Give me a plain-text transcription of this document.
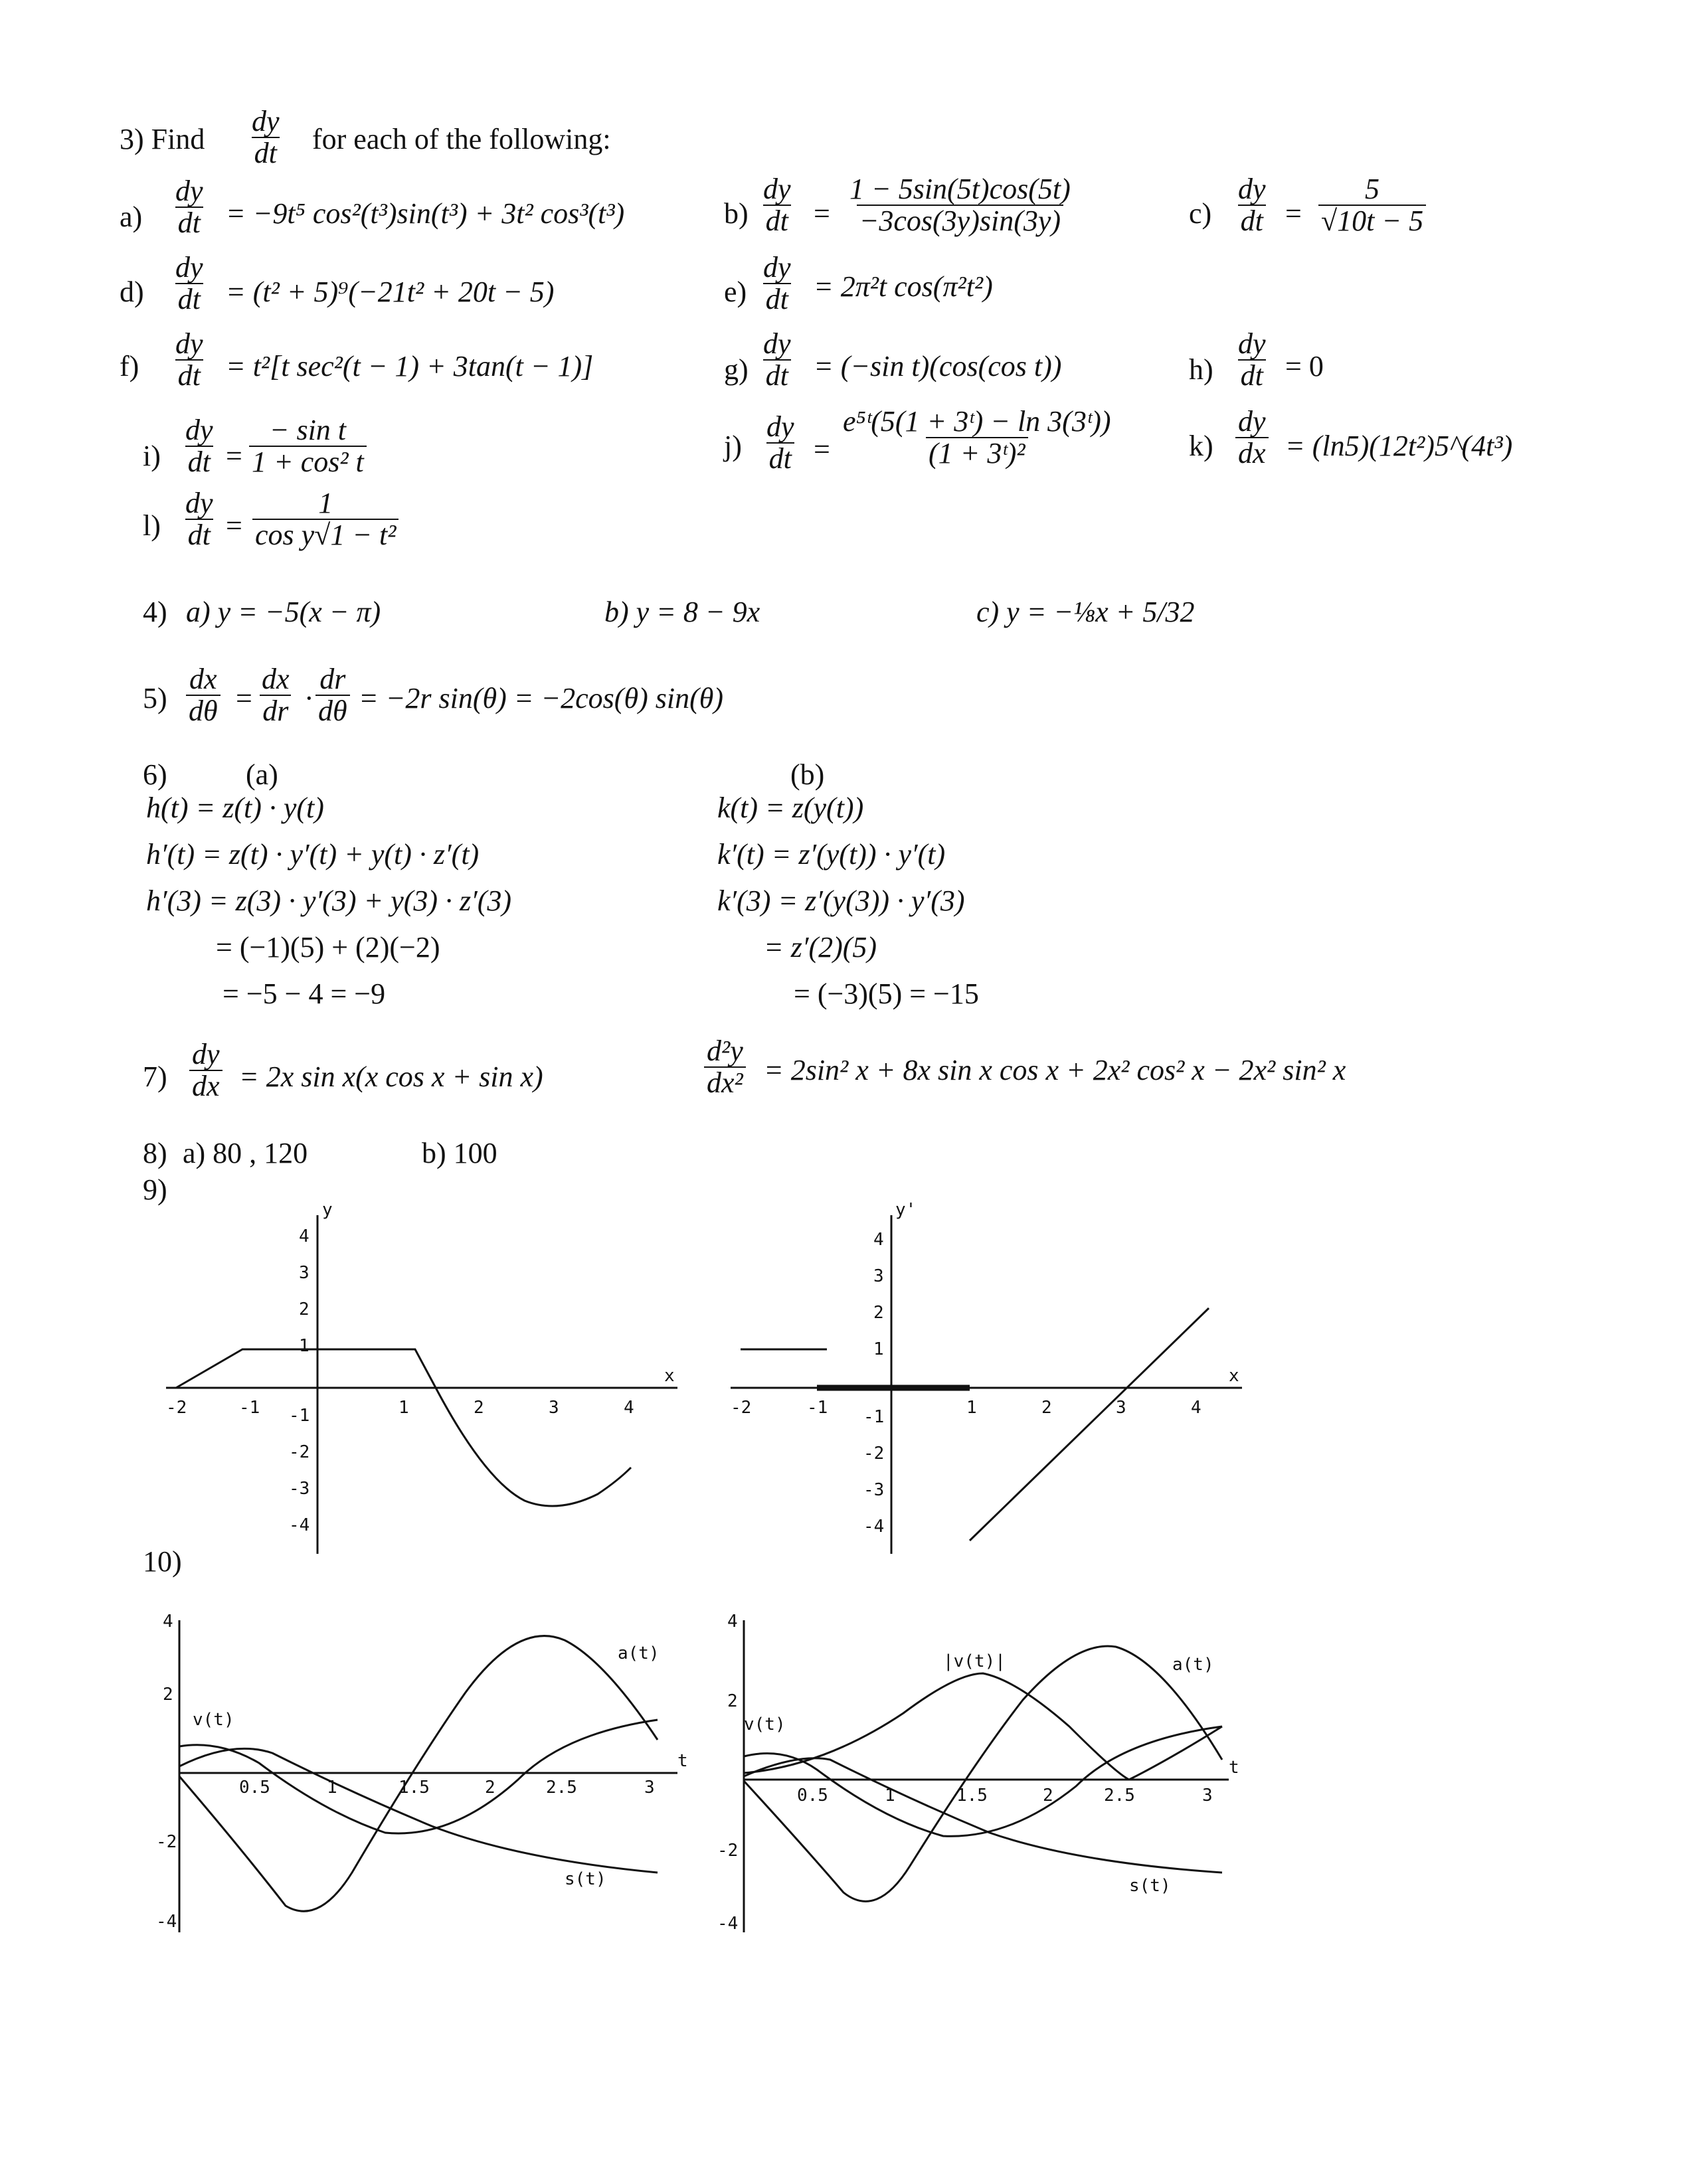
3) Find $\frac{dy}{dt}$ for each of the following:
$a) \frac{dy}{dt} = -9t^5$ cos²(t³)sin(t³) + 3t² cos³(t³)	$b) \frac{dy}{dt} = \frac{1 - 5\sin(5t)\cos(5t)}{-3\cos(3y)\sin(3y)}$	$c) \frac{dy}{dt} = \frac{5}{√10t - 5}$
$d) \frac{dy}{dt} = (t^2 + 5)^9(-21t^2 + 20t - 5)$	$e) \frac{dy}{dt} = 2\pi^2t$ cos(π²t²)
$f) \frac{dy}{dt} = t^2[t$ sec²(t − 1) + 3tan(t − 1)]	$g) \frac{dy}{dt} = (-\sin$ t)(cos(cos t))	$h) \frac{dy}{dt} = 0$
$i) \frac{dy}{dt} = \frac{\text{− sin t}}{\text{1 + cos² t}}$	$j) \frac{dy}{dt} = \frac{\text{e⁵ᵗ(5(1 + 3ᵗ) − ln 3(3ᵗ))}}{\text{(1 + 3ᵗ)²}}$	$k) \frac{dy}{dx}$ = (ln5)(12t²)5^(4t³)
$l) \frac{dy}{dt} = \frac{1}{\text{cos y√1 − t²}}$
4) a) y = −5(x − π)	b) y = 8 − 9x	c) y = −⅛x + 5/32
$5) \frac{dx}{d\theta} = \frac{dx}{dr} \cdot \frac{dr}{d\theta} = -2r$ sin(θ) = −2cos(θ) sin(θ)
6)	(a)
h(t) = z(t) · y(t)
h′(t) = z(t) · y′(t) + y(t) · z′(t)
h′(3) = z(3) · y′(3) + y(3) · z′(3)
= (−1)(5) + (2)(−2)
= −5 − 4 = −9
(b)
k(t) = z(y(t))
k′(t) = z′(y(t)) · y′(t)
k′(3) = z′(y(3)) · y′(3)
= z′(2)(5)
= (−3)(5) = −15
$7) \frac{dy}{dx} = 2x$ sin x(x cos x + sin x)	$\frac{\text{d²y}}{\text{dx²}} = 2\sin^2$ x + 8x sin x cos x + 2x² cos² x − 2x² sin² x
8) a) 80 , 120	b) 100
9)
y
x
-2	-1	1	2	3	4
4
3
2
1
-1
-2
-3
-4
y'
x
-2	-1	1	2	3	4
4
3
2
1
-1
-2
-3
-4
10)
t
4
2
-2
-4
0.5	1	1.5	2	2.5	3
a(t)
v(t)
s(t)
t
4
2
-2
-4
0.5	1	1.5	2	2.5	3
a(t)
v(t)
s(t)
|v(t)|
